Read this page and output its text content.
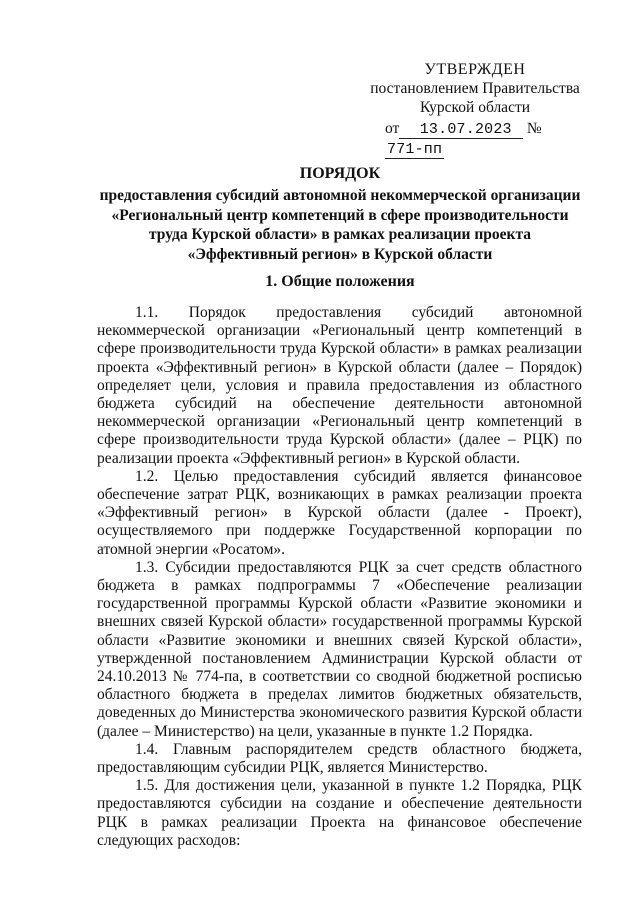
УТВЕРЖДЕН
постановлением Правительства
Курской области
от 13.07.2023 № 771-пп
ПОРЯДОК
предоставления субсидий автономной некоммерческой организации «Региональный центр компетенций в сфере производительности труда Курской области» в рамках реализации проекта «Эффективный регион» в Курской области
1. Общие положения

1.1. Порядок предоставления субсидий автономной некоммерческой организации «Региональный центр компетенций в сфере производительности труда Курской области» в рамках реализации проекта «Эффективный регион» в Курской области (далее – Порядок) определяет цели, условия и правила предоставления из областного бюджета субсидий на обеспечение деятельности автономной некоммерческой организации «Региональный центр компетенций в сфере производительности труда Курской области» (далее – РЦК) по реализации проекта «Эффективный регион» в Курской области.

1.2. Целью предоставления субсидий является финансовое обеспечение затрат РЦК, возникающих в рамках реализации проекта «Эффективный регион» в Курской области (далее - Проект), осуществляемого при поддержке Государственной корпорации по атомной энергии «Росатом».

1.3. Субсидии предоставляются РЦК за счет средств областного бюджета в рамках подпрограммы 7 «Обеспечение реализации государственной программы Курской области «Развитие экономики и внешних связей Курской области» государственной программы Курской области «Развитие экономики и внешних связей Курской области», утвержденной постановлением Администрации Курской области от 24.10.2013 № 774-па, в соответствии со сводной бюджетной росписью областного бюджета в пределах лимитов бюджетных обязательств, доведенных до Министерства экономического развития Курской области (далее – Министерство) на цели, указанные в пункте 1.2 Порядка.

1.4. Главным распорядителем средств областного бюджета, предоставляющим субсидии РЦК, является Министерство.

1.5. Для достижения цели, указанной в пункте 1.2 Порядка, РЦК предоставляются субсидии на создание и обеспечение деятельности РЦК в рамках реализации Проекта на финансовое обеспечение следующих расходов:
